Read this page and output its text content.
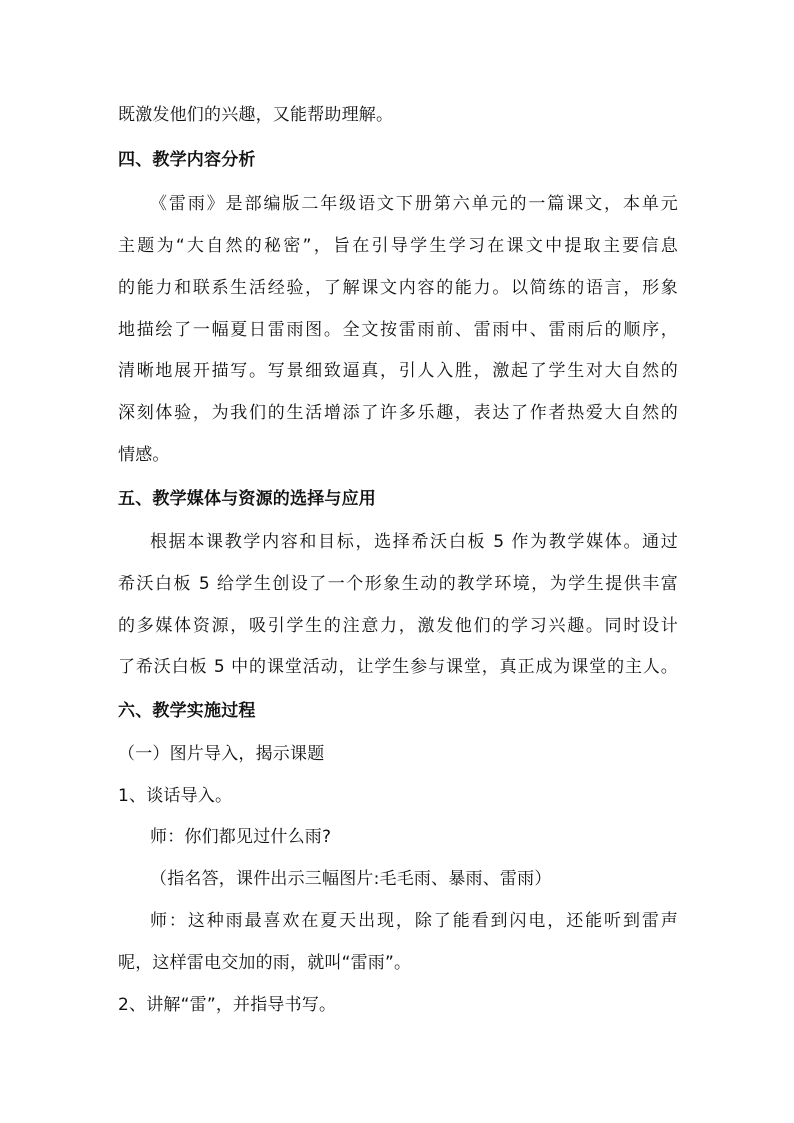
既激发他们的兴趣，又能帮助理解。
四、教学内容分析
《雷雨》是部编版二年级语文下册第六单元的一篇课文，本单元
主题为“大自然的秘密”，旨在引导学生学习在课文中提取主要信息
的能力和联系生活经验，了解课文内容的能力。以简练的语言，形象
地描绘了一幅夏日雷雨图。全文按雷雨前、雷雨中、雷雨后的顺序，
清晰地展开描写。写景细致逼真，引人入胜，激起了学生对大自然的
深刻体验，为我们的生活增添了许多乐趣，表达了作者热爱大自然的
情感。
五、教学媒体与资源的选择与应用
根据本课教学内容和目标，选择希沃白板 5 作为教学媒体。通过
希沃白板 5 给学生创设了一个形象生动的教学环境，为学生提供丰富
的多媒体资源，吸引学生的注意力，激发他们的学习兴趣。同时设计
了希沃白板 5 中的课堂活动，让学生参与课堂，真正成为课堂的主人。
六、教学实施过程
（一）图片导入，揭示课题
1、谈话导入。
师：你们都见过什么雨?
（指名答，课件出示三幅图片:毛毛雨、暴雨、雷雨）
师：这种雨最喜欢在夏天出现，除了能看到闪电，还能听到雷声
呢，这样雷电交加的雨，就叫“雷雨”。
2、讲解“雷”，并指导书写。
